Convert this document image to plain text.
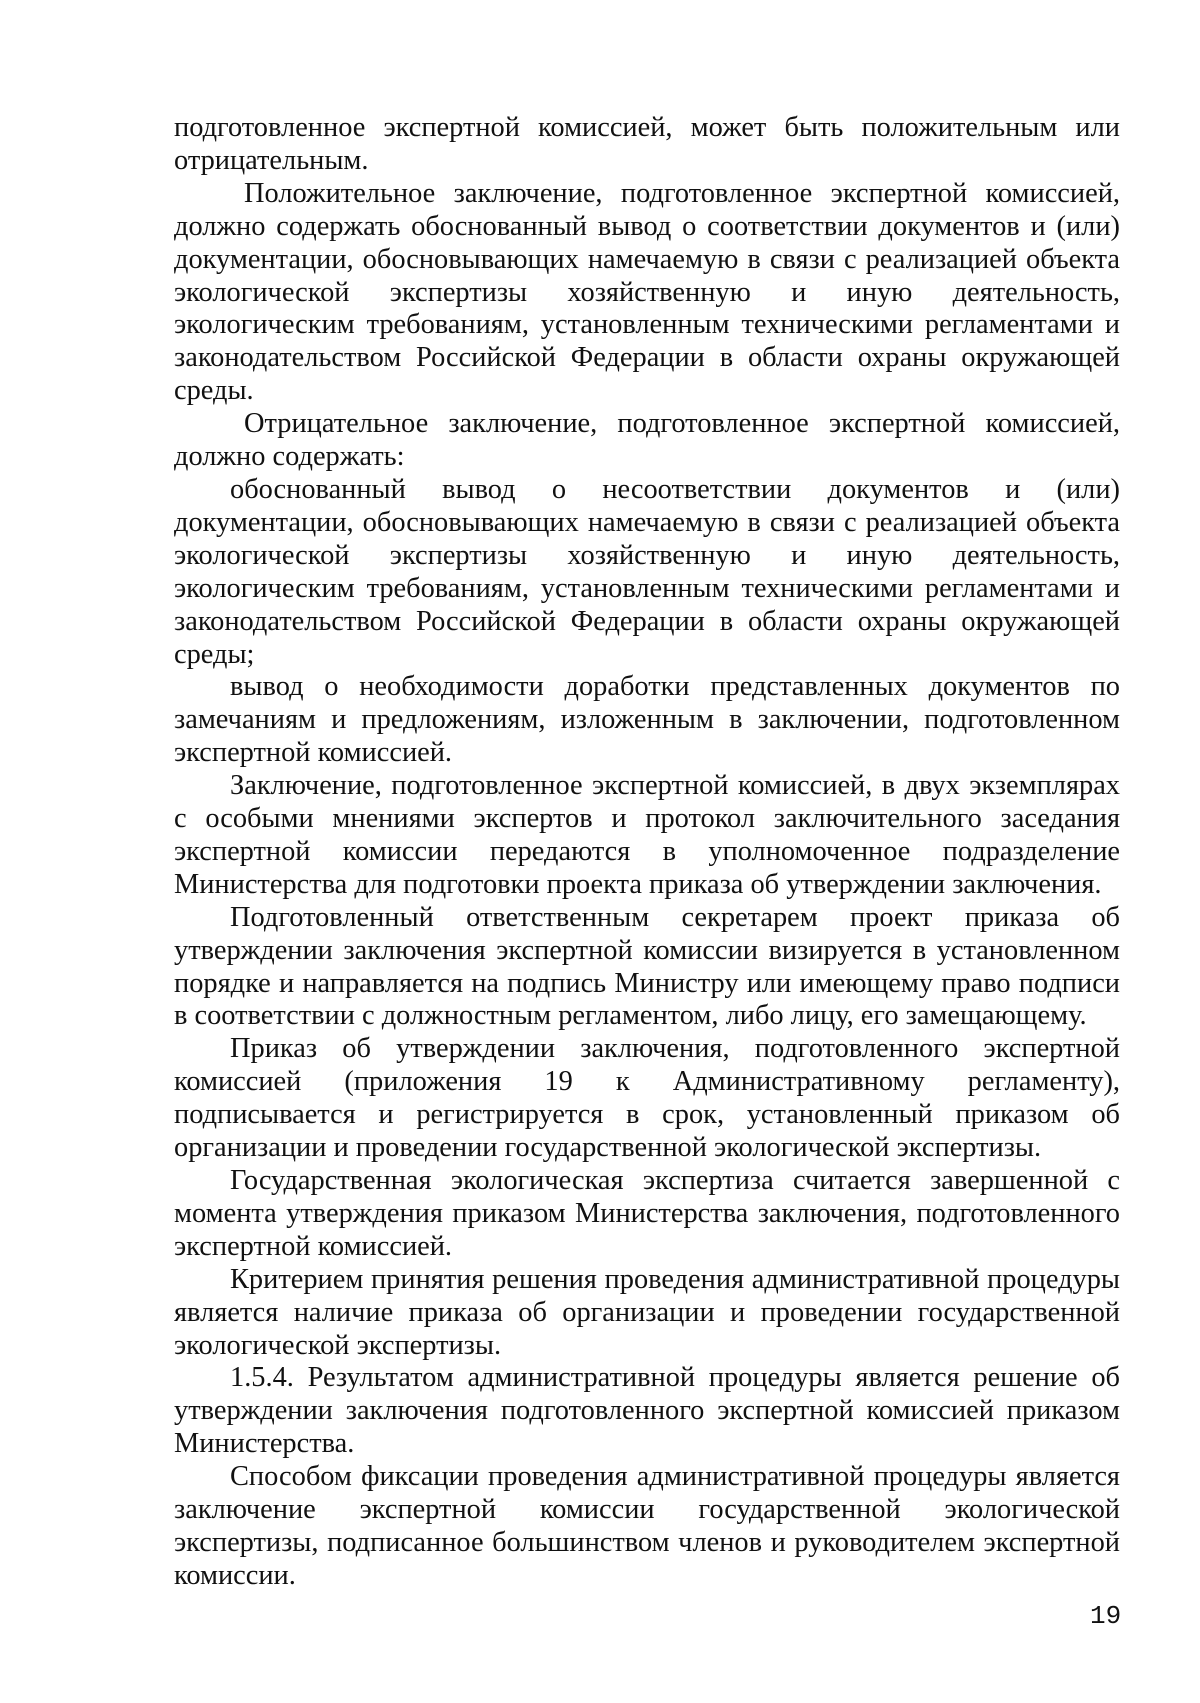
подготовленное экспертной комиссией, может быть положительным или отрицательным.

Положительное заключение, подготовленное экспертной комиссией, должно содержать обоснованный вывод о соответствии документов и (или) документации, обосновывающих намечаемую в связи с реализацией объекта экологической экспертизы хозяйственную и иную деятельность, экологическим требованиям, установленным техническими регламентами и законодательством Российской Федерации в области охраны окружающей среды.

Отрицательное заключение, подготовленное экспертной комиссией, должно содержать:

обоснованный вывод о несоответствии документов и (или) документации, обосновывающих намечаемую в связи с реализацией объекта экологической экспертизы хозяйственную и иную деятельность, экологическим требованиям, установленным техническими регламентами и законодательством Российской Федерации в области охраны окружающей среды;

вывод о необходимости доработки представленных документов по замечаниям и предложениям, изложенным в заключении, подготовленном экспертной комиссией.

Заключение, подготовленное экспертной комиссией, в двух экземплярах с особыми мнениями экспертов и протокол заключительного заседания экспертной комиссии передаются в уполномоченное подразделение Министерства для подготовки проекта приказа об утверждении заключения.

Подготовленный ответственным секретарем проект приказа об утверждении заключения экспертной комиссии визируется в установленном порядке и направляется на подпись Министру или имеющему право подписи в соответствии с должностным регламентом, либо лицу, его замещающему.

Приказ об утверждении заключения, подготовленного экспертной комиссией (приложения 19 к Административному регламенту), подписывается и регистрируется в срок, установленный приказом об организации и проведении государственной экологической экспертизы.

Государственная экологическая экспертиза считается завершенной с момента утверждения приказом Министерства заключения, подготовленного экспертной комиссией.

Критерием принятия решения проведения административной процедуры является наличие приказа об организации и проведении государственной экологической экспертизы.

1.5.4. Результатом административной процедуры является решение об утверждении заключения подготовленного экспертной комиссией приказом Министерства.

Способом фиксации проведения административной процедуры является заключение экспертной комиссии государственной экологической экспертизы, подписанное большинством членов и руководителем экспертной комиссии.

19
